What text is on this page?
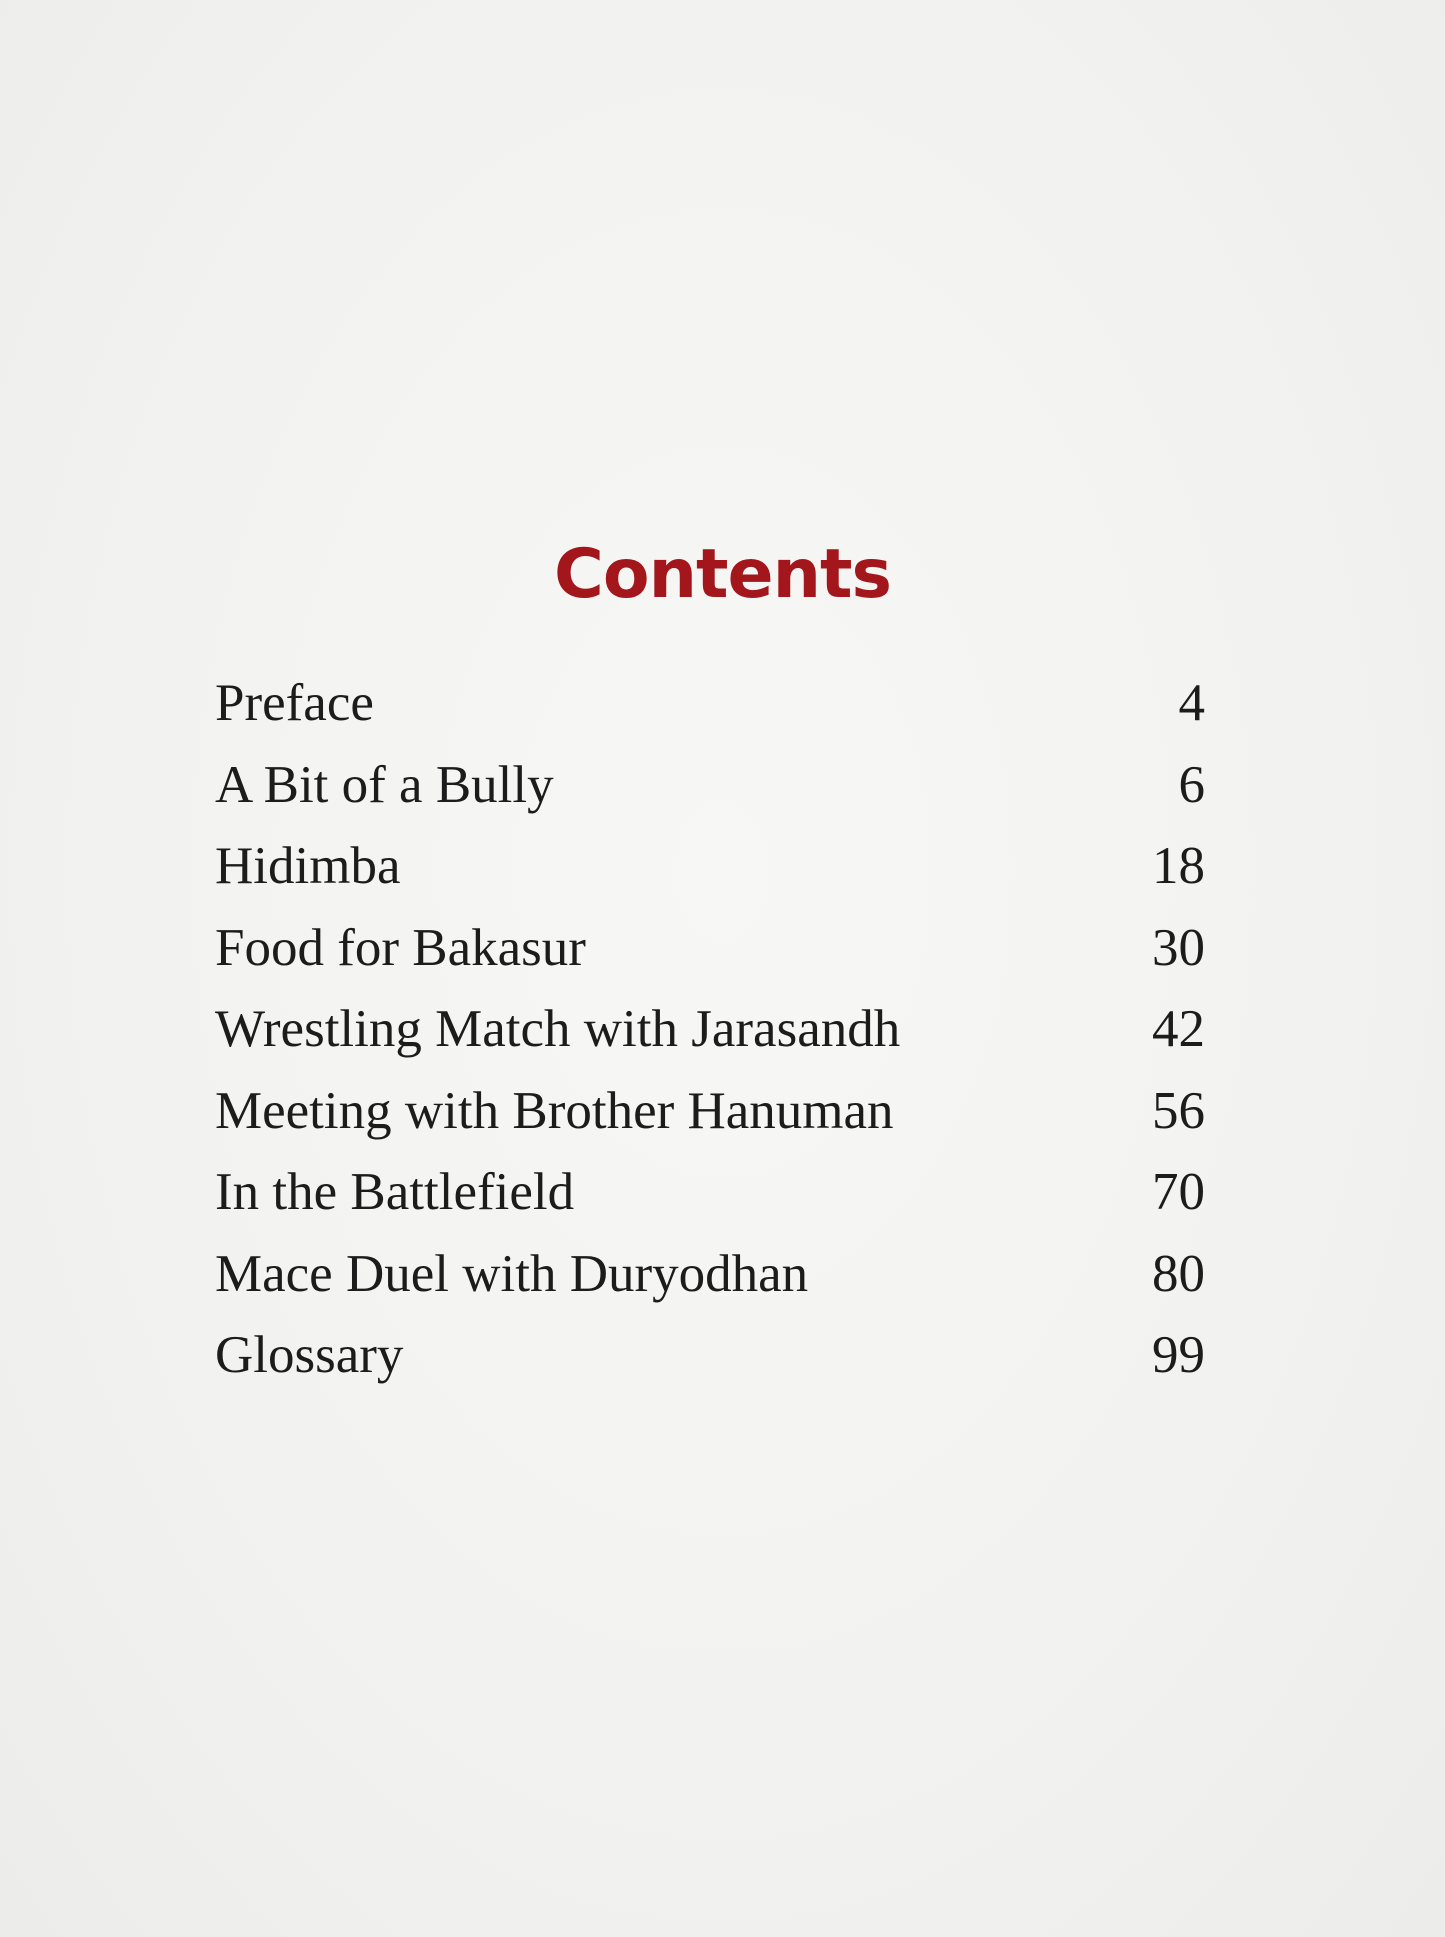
Contents
Preface	4
A Bit of a Bully	6
Hidimba	18
Food for Bakasur	30
Wrestling Match with Jarasandh	42
Meeting with Brother Hanuman	56
In the Battlefield	70
Mace Duel with Duryodhan	80
Glossary	99
